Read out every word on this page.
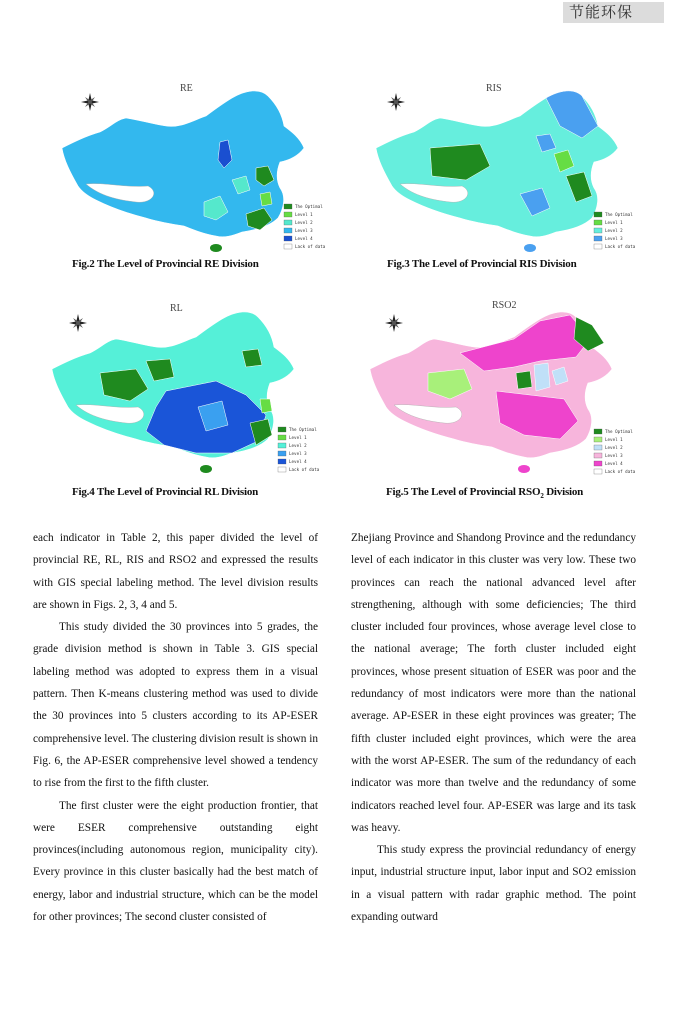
节能环保
RE
The Optimal
Level 1
Level 2
Level 3
Level 4
Lack of data
Fig.2 The Level of Provincial RE Division
RIS
The Optimal
Level 1
Level 2
Level 3
Lack of data
Fig.3 The Level of Provincial RIS Division
RL
The Optimal
Level 1
Level 2
Level 3
Level 4
Lack of data
Fig.4 The Level of Provincial RL Division
RSO2
The Optimal
Level 1
Level 2
Level 3
Level 4
Lack of data
Fig.5 The Level of Provincial $RSO_2$ Division

each indicator in Table 2, this paper divided the level of provincial RE, RL, RIS and RSO2 and expressed the results with GIS special labeling method. The level division results are shown in Figs. 2, 3, 4 and 5.

This study divided the 30 provinces into 5 grades, the grade division method is shown in Table 3. GIS special labeling method was adopted to express them in a visual pattern. Then K-means clustering method was used to divide the 30 provinces into 5 clusters according to its AP-ESER comprehensive level. The clustering division result is shown in Fig. 6, the AP-ESER comprehensive level showed a tendency to rise from the first to the fifth cluster.

The first cluster were the eight production frontier, that were ESER comprehensive outstanding eight provinces(including autonomous region, municipality city). Every province in this cluster basically had the best match of energy, labor and industrial structure, which can be the model for other provinces; The second cluster consisted of

Zhejiang Province and Shandong Province and the redundancy level of each indicator in this cluster was very low. These two provinces can reach the national advanced level after strengthening, although with some deficiencies; The third cluster included four provinces, whose average level close to the national average; The forth cluster included eight provinces, whose present situation of ESER was poor and the redundancy of most indicators were more than the national average. AP-ESER in these eight provinces was greater; The fifth cluster included eight provinces, which were the area with the worst AP-ESER. The sum of the redundancy of each indicator was more than twelve and the redundancy of some indicators reached level four. AP-ESER was large and its task was heavy.

This study express the provincial redundancy of energy input, industrial structure input, labor input and SO2 emission in a visual pattern with radar graphic method. The point expanding outward
